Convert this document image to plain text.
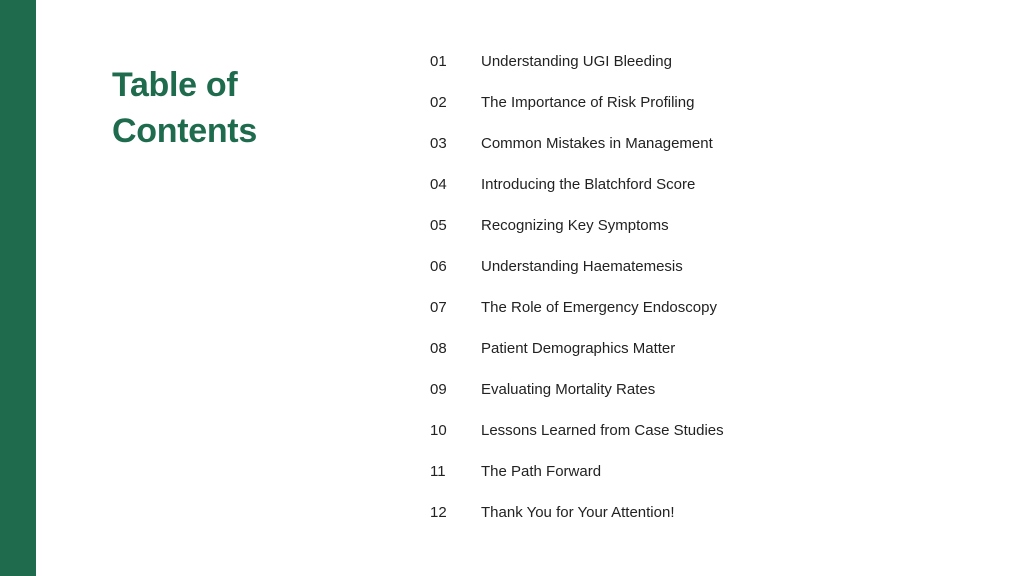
Table of
Contents
01	Understanding UGI Bleeding
02	The Importance of Risk Profiling
03	Common Mistakes in Management
04	Introducing the Blatchford Score
05	Recognizing Key Symptoms
06	Understanding Haematemesis
07	The Role of Emergency Endoscopy
08	Patient Demographics Matter
09	Evaluating Mortality Rates
10	Lessons Learned from Case Studies
11	The Path Forward
12	Thank You for Your Attention!
